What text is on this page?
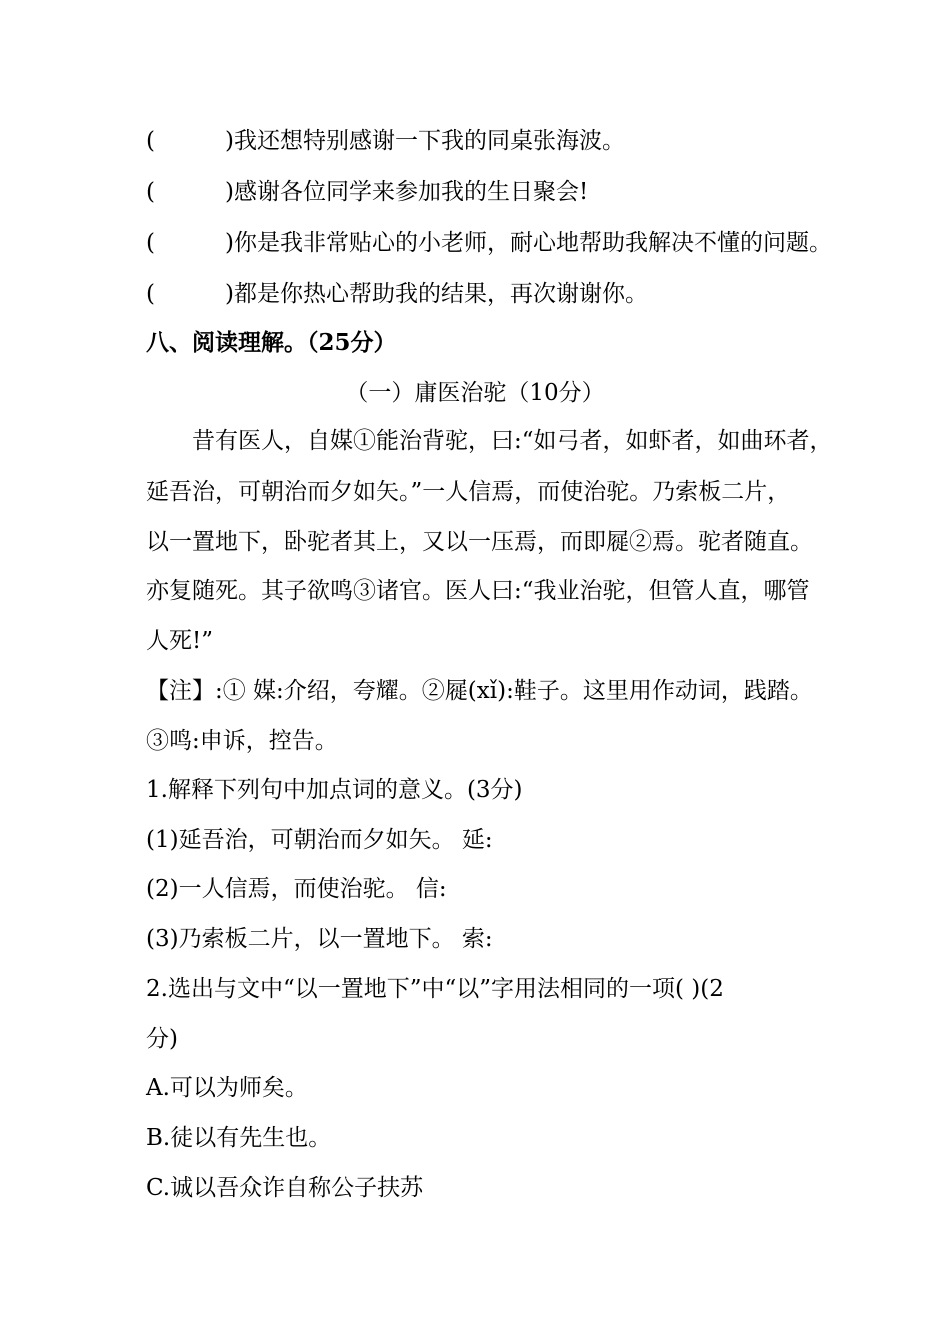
(	)我还想特别感谢一下我的同桌张海波。
(	)感谢各位同学来参加我的生日聚会!
(	)你是我非常贴心的小老师，耐心地帮助我解决不懂的问题。
(	)都是你热心帮助我的结果，再次谢谢你。
八、阅读理解。（25分）
（一）庸医治驼（10分）
昔有医人，自媒①能治背驼，曰:“如弓者，如虾者，如曲环者，
延吾治，可朝治而夕如矢。”一人信焉，而使治驼。乃索板二片，
以一置地下，卧驼者其上，又以一压焉，而即屣②焉。驼者随直。
亦复随死。其子欲鸣③诸官。医人曰:“我业治驼，但管人直，哪管
人死!”
【注】:① 媒:介绍，夸耀。②屣(xǐ):鞋子。这里用作动词，践踏。
③鸣:申诉，控告。
1.解释下列句中加点词的意义。(3分)
(1)延吾治，可朝治而夕如矢。 延:
(2)一人信焉，而使治驼。 信:
(3)乃索板二片，以一置地下。 索:
2.选出与文中“以一置地下”中“以”字用法相同的一项( )(2
分)
A.可以为师矣。
B.徒以有先生也。
C.诚以吾众诈自称公子扶苏
